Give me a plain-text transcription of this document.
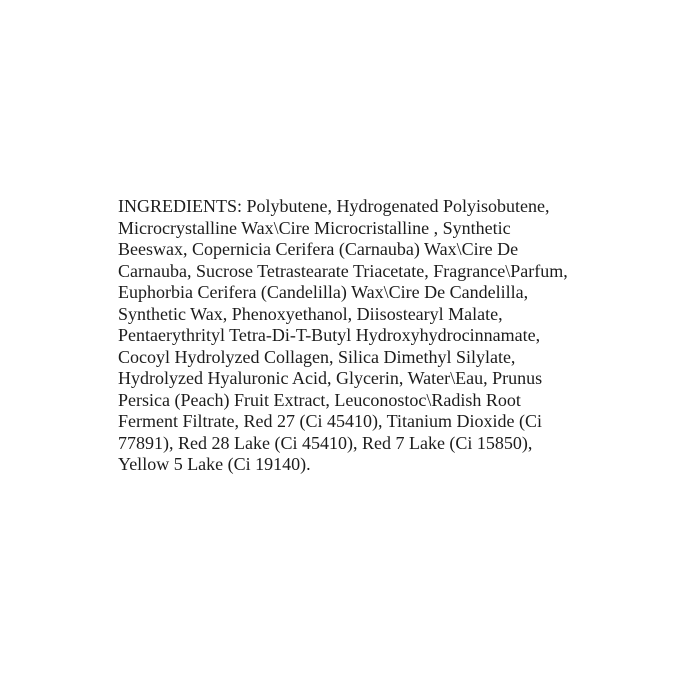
INGREDIENTS: Polybutene, Hydrogenated Polyisobutene,
Microcrystalline Wax\Cire Microcristalline , Synthetic
Beeswax, Copernicia Cerifera (Carnauba) Wax\Cire De
Carnauba, Sucrose Tetrastearate Triacetate, Fragrance\Parfum,
Euphorbia Cerifera (Candelilla) Wax\Cire De Candelilla,
Synthetic Wax, Phenoxyethanol, Diisostearyl Malate,
Pentaerythrityl Tetra-Di-T-Butyl Hydroxyhydrocinnamate,
Cocoyl Hydrolyzed Collagen, Silica Dimethyl Silylate,
Hydrolyzed Hyaluronic Acid, Glycerin, Water\Eau, Prunus
Persica (Peach) Fruit Extract, Leuconostoc\Radish Root
Ferment Filtrate, Red 27 (Ci 45410), Titanium Dioxide (Ci
77891), Red 28 Lake (Ci 45410), Red 7 Lake (Ci 15850),
Yellow 5 Lake (Ci 19140).
